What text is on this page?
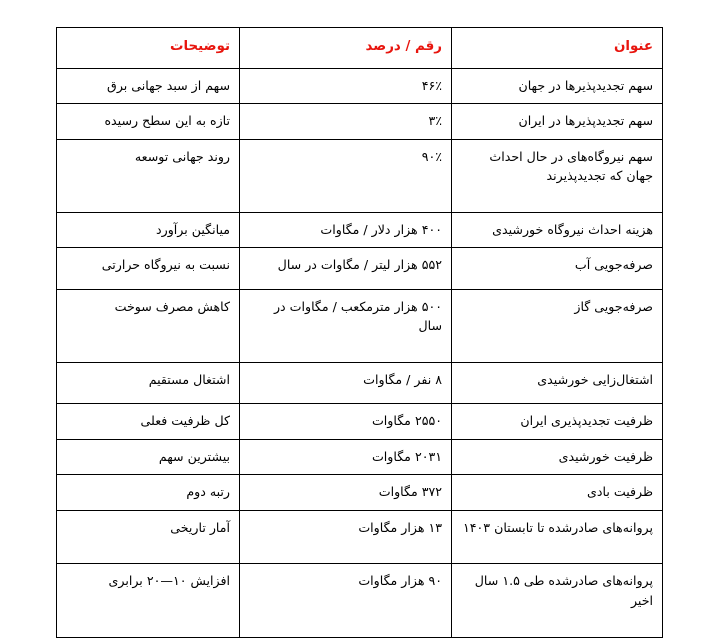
عنوان	رقم / درصد	توضیحات
سهم تجدیدپذیرها در جهان	۴۶٪	سهم از سبد جهانی برق
سهم تجدیدپذیرها در ایران	۳٪	تازه به این سطح رسیده
سهم نیروگاه‌های در حال احداث جهان که تجدیدپذیرند	۹۰٪	روند جهانی توسعه
هزینه احداث نیروگاه خورشیدی	۴۰۰ هزار دلار / مگاوات	میانگین برآورد
صرفه‌جویی آب	۵۵۲ هزار لیتر / مگاوات در سال	نسبت به نیروگاه حرارتی
صرفه‌جویی گاز	۵۰۰ هزار مترمکعب / مگاوات در سال	کاهش مصرف سوخت
اشتغال‌زایی خورشیدی	۸ نفر / مگاوات	اشتغال مستقیم
ظرفیت تجدیدپذیری ایران	۲۵۵۰ مگاوات	کل ظرفیت فعلی
ظرفیت خورشیدی	۲۰۳۱ مگاوات	بیشترین سهم
ظرفیت بادی	۳۷۲ مگاوات	رتبه دوم
پروانه‌های صادرشده تا تابستان ۱۴۰۳	۱۳ هزار مگاوات	آمار تاریخی
پروانه‌های صادرشده طی ۱.۵ سال اخیر	۹۰ هزار مگاوات	افزایش ۱۰—۲۰ برابری
